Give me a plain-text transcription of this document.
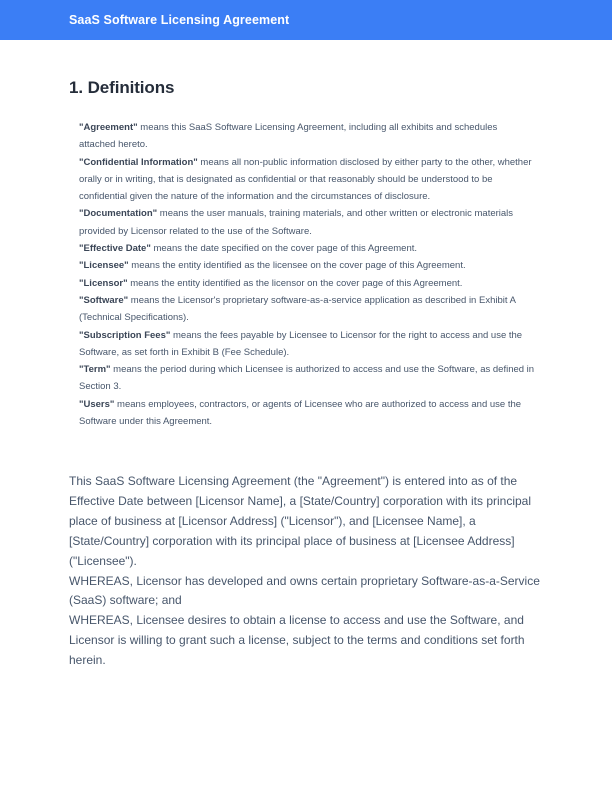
SaaS Software Licensing Agreement
1. Definitions

"Agreement" means this SaaS Software Licensing Agreement, including all exhibits and schedules attached hereto.

"Confidential Information" means all non-public information disclosed by either party to the other, whether orally or in writing, that is designated as confidential or that reasonably should be understood to be confidential given the nature of the information and the circumstances of disclosure.

"Documentation" means the user manuals, training materials, and other written or electronic materials provided by Licensor related to the use of the Software.

"Effective Date" means the date specified on the cover page of this Agreement.

"Licensee" means the entity identified as the licensee on the cover page of this Agreement.

"Licensor" means the entity identified as the licensor on the cover page of this Agreement.

"Software" means the Licensor's proprietary software-as-a-service application as described in Exhibit A (Technical Specifications).

"Subscription Fees" means the fees payable by Licensee to Licensor for the right to access and use the Software, as set forth in Exhibit B (Fee Schedule).

"Term" means the period during which Licensee is authorized to access and use the Software, as defined in Section 3.

"Users" means employees, contractors, or agents of Licensee who are authorized to access and use the Software under this Agreement.

This SaaS Software Licensing Agreement (the "Agreement") is entered into as of the Effective Date between [Licensor Name], a [State/Country] corporation with its principal place of business at [Licensor Address] ("Licensor"), and [Licensee Name], a [State/Country] corporation with its principal place of business at [Licensee Address] ("Licensee").

WHEREAS, Licensor has developed and owns certain proprietary Software-as-a-Service (SaaS) software; and

WHEREAS, Licensee desires to obtain a license to access and use the Software, and Licensor is willing to grant such a license, subject to the terms and conditions set forth herein.
